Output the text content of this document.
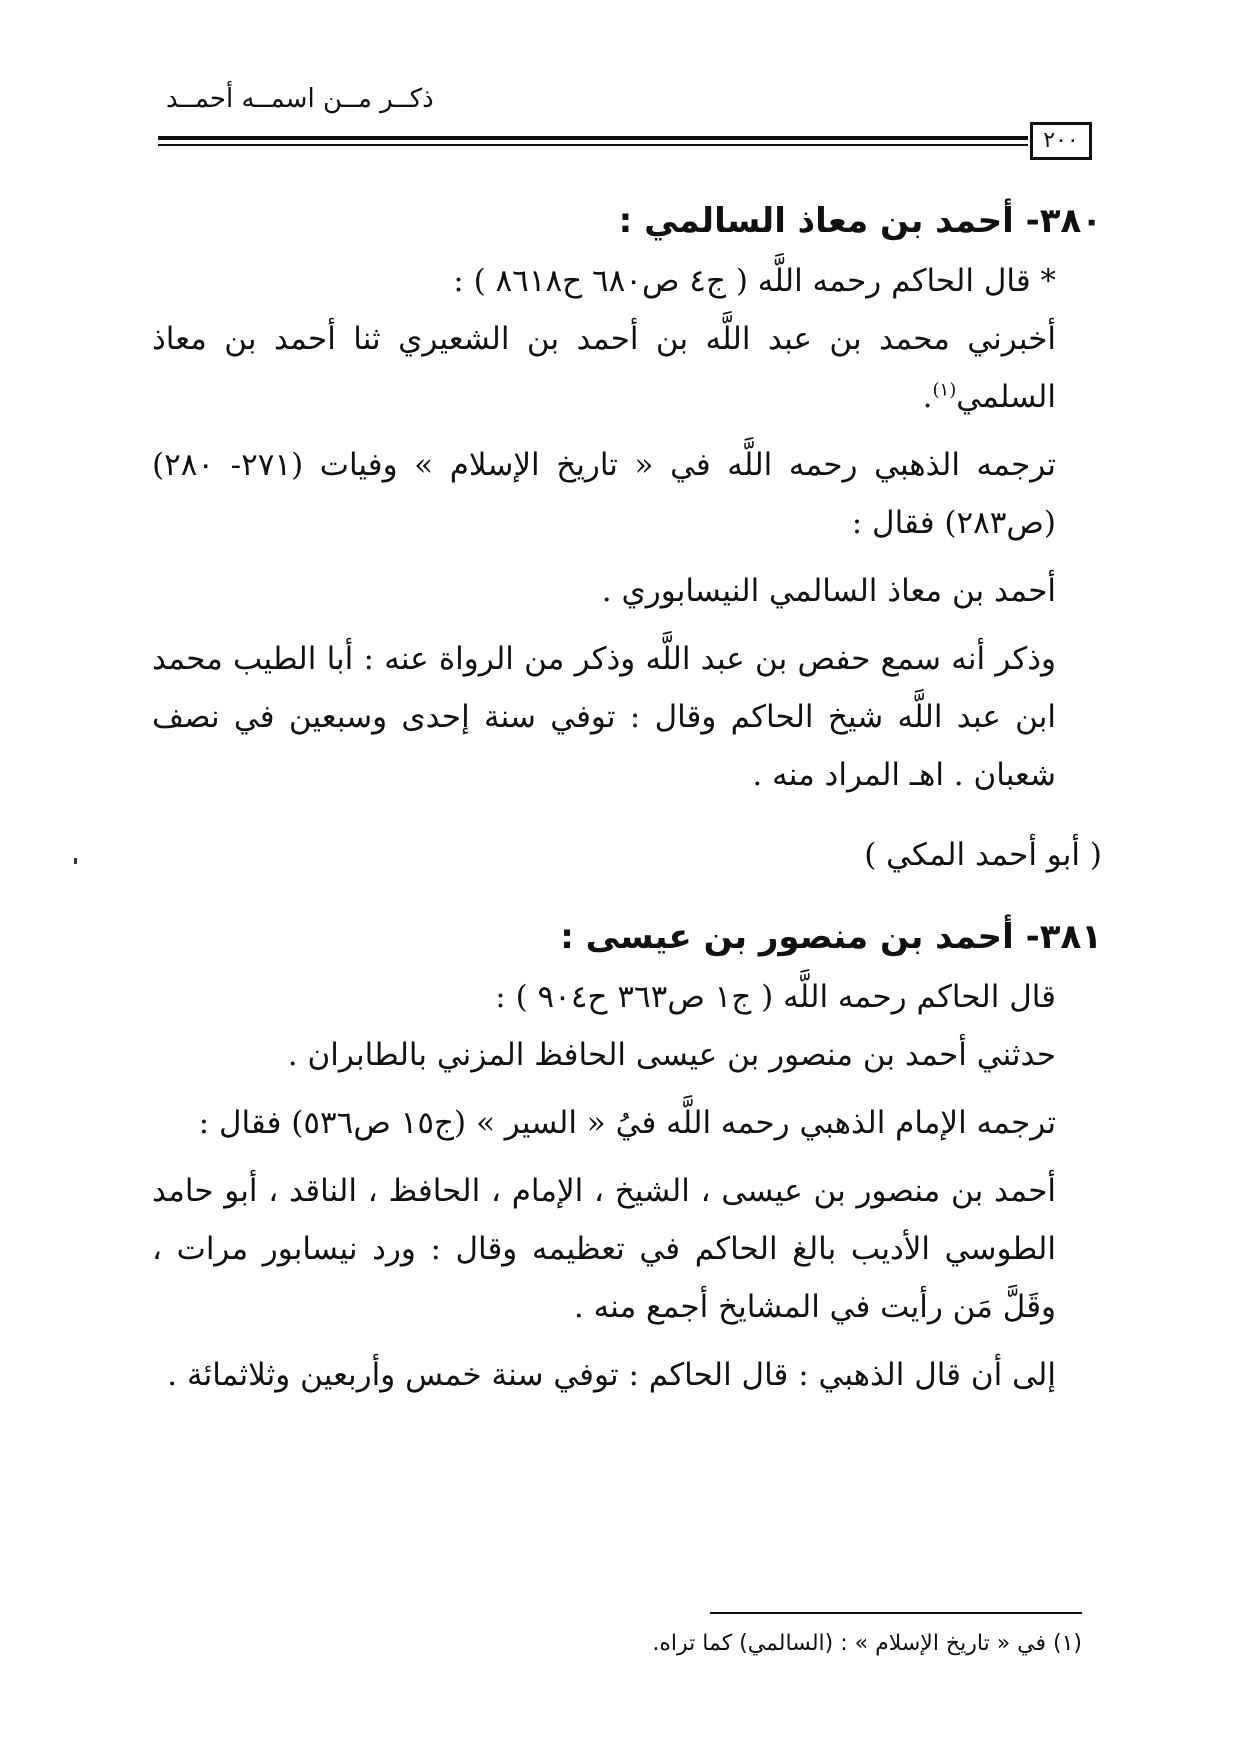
ذكــر مــن اسمــه أحمــد
٢٠٠

٣٨٠- أحمد بن معاذ السالمي :

* قال الحاكم رحمه اللَّه ( ج٤ ص٦٨٠ ح٨٦١٨ ) :

أخبرني محمد بن عبد اللَّه بن أحمد بن الشعيري ثنا أحمد بن معاذ السلمي$^{(١)}$.

ترجمه الذهبي رحمه اللَّه في « تاريخ الإسلام » وفيات (٢٧١- ٢٨٠) (ص٢٨٣) فقال :

أحمد بن معاذ السالمي النيسابوري .

وذكر أنه سمع حفص بن عبد اللَّه وذكر من الرواة عنه : أبا الطيب محمد ابن عبد اللَّه شيخ الحاكم وقال : توفي سنة إحدى وسبعين في نصف شعبان . اهـ المراد منه .

( أبو أحمد المكي )

٣٨١- أحمد بن منصور بن عيسى :

قال الحاكم رحمه اللَّه ( ج١ ص٣٦٣ ح٩٠٤ ) :

حدثني أحمد بن منصور بن عيسى الحافظ المزني بالطابران .

ترجمه الإمام الذهبي رحمه اللَّه فيُ « السير » (ج١٥ ص٥٣٦) فقال :

أحمد بن منصور بن عيسى ، الشيخ ، الإمام ، الحافظ ، الناقد ، أبو حامد الطوسي الأديب بالغ الحاكم في تعظيمه وقال : ورد نيسابور مرات ، وقَلَّ مَن رأيت في المشايخ أجمع منه .

إلى أن قال الذهبي : قال الحاكم : توفي سنة خمس وأربعين وثلاثمائة .

(١) في « تاريخ الإسلام » : (السالمي) كما تراه.
